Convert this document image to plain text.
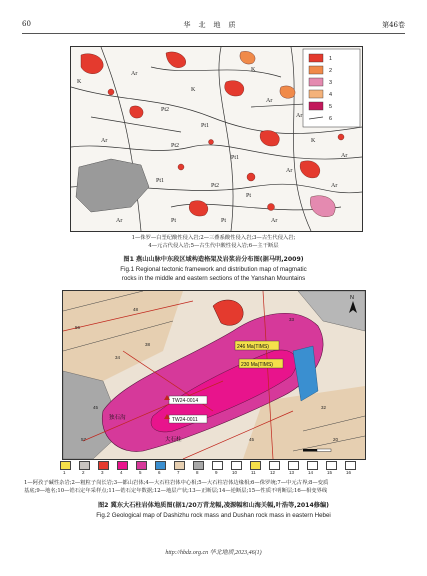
60	华北地质	第46卷
K
K
Ar
Pt2
Pt1
K
Ar
Ar
Pt2
Pt1
Ar
Pt1
Pt2
Pt
Pt
Pt	Ar
Ar
Ar
Ar
K
Ar
1
2
3
4
5
6
1—侏罗—白垩纪酸性侵入岩;2—三叠系酸性侵入岩;3—古生代侵入岩;
4—元古代侵入岩;5—古生代中酸性侵入岩;6—主干断层
图1 燕山山脉中东段区域构造格架及岩浆岩分布图(据马明,2009)
Fig.1 Regional tectonic framework and distribution map of magmatic
rocks in the middle and eastern sections of the Yanshan Mountains
246 Ma(TIMS)
230 Ma(TIMS)
TW24-0014
TW24-0011
大石柱
独石沟
56
34
45
48
38
33
32
20
57	45
N
1	2	3	4	5	6	7	8	9	10	11	12	13	14	15	16
1—阿孜子碱性杂岩;2—粗粒子岗长岩;3—都山岩体;4—大石柱岩体中心相;5—大石柱岩体边缘相;6—侏罗统;7—中元古界;8—变质
基底;9—地名;10—锆石定年采样点;11—锆石定年数据;12—地层产状;13—正断层;14—逆断层;15—性质不明断层;16—相变界线
图2 冀东大石柱岩体地质图(据1/20万青龙幅,凌源幅和山海关幅,叶浩等,2014修编)
Fig.2 Geological map of Dashizhu rock mass and Dushan rock mass in eastern Hebei
http://hbdz.org.cn 华北地质,2023,46(1)
